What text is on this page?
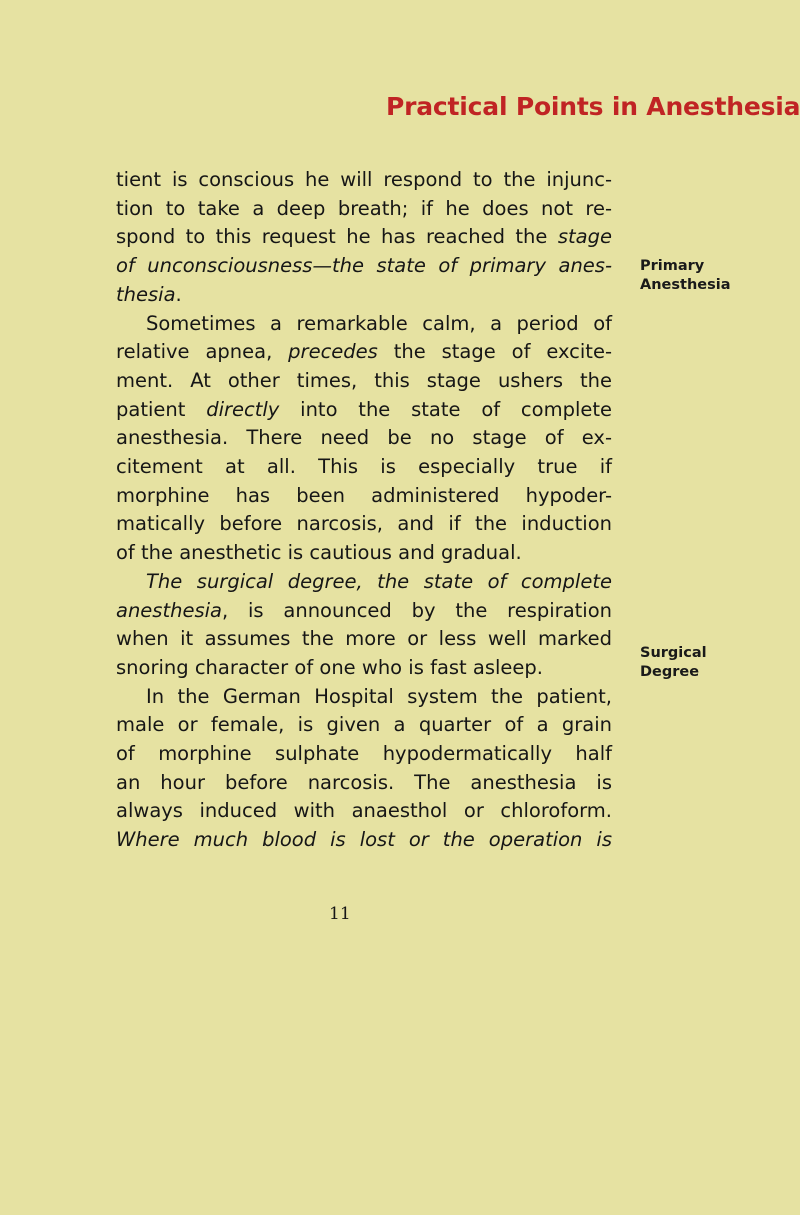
Practical Points in Anesthesia
tient is conscious he will respond to the injunc-
tion to take a deep breath; if he does not re-
spond to this request he has reached the stage
of unconsciousness—the state of primary anes-
thesia.
Sometimes a remarkable calm, a period of
relative apnea, precedes the stage of excite-
ment. At other times, this stage ushers the
patient directly into the state of complete
anesthesia. There need be no stage of ex-
citement at all. This is especially true if
morphine has been administered hypoder-
matically before narcosis, and if the induction
of the anesthetic is cautious and gradual.
The surgical degree, the state of complete
anesthesia, is announced by the respiration
when it assumes the more or less well marked
snoring character of one who is fast asleep.
In the German Hospital system the patient,
male or female, is given a quarter of a grain
of morphine sulphate hypodermatically half
an hour before narcosis. The anesthesia is
always induced with anaesthol or chloroform.
Where much blood is lost or the operation is
Primary
Anesthesia
Surgical
Degree
11
